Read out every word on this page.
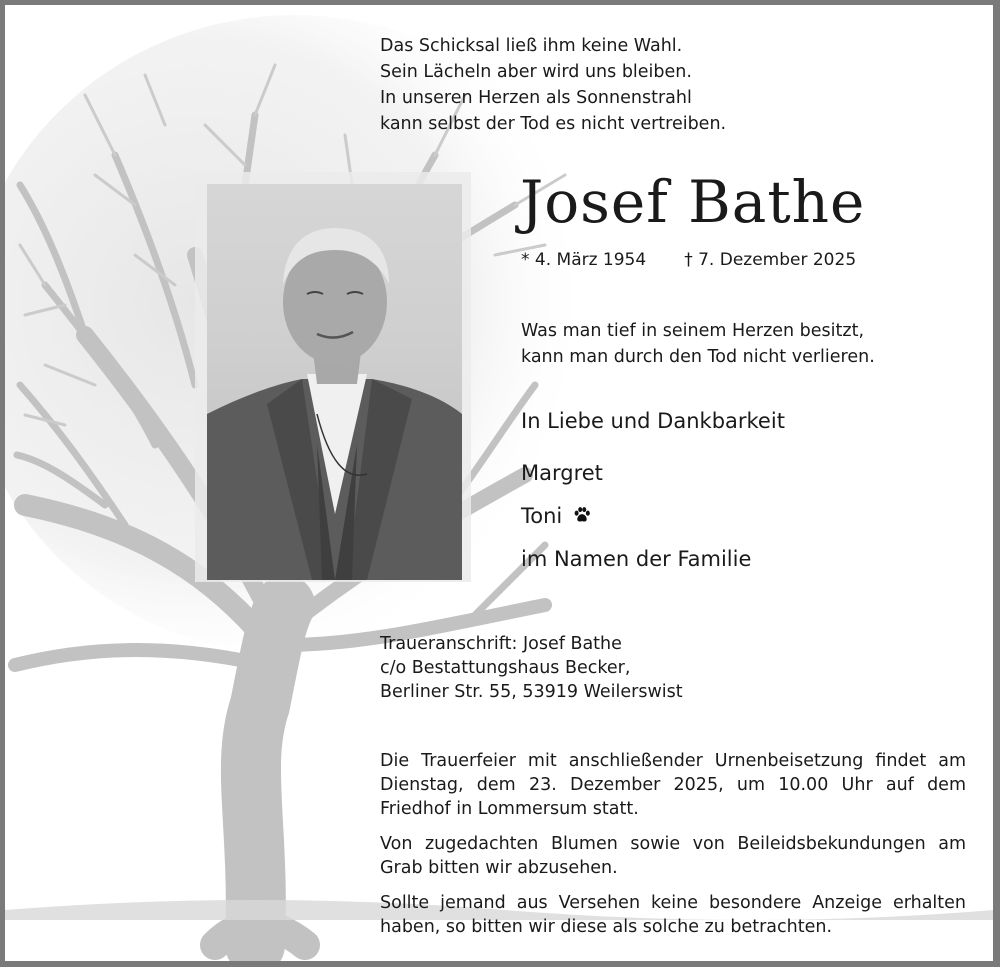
Das Schicksal ließ ihm keine Wahl.
Sein Lächeln aber wird uns bleiben.
In unseren Herzen als Sonnenstrahl
kann selbst der Tod es nicht vertreiben.
Josef Bathe
* 4. März 1954 † 7. Dezember 2025
Was man tief in seinem Herzen besitzt,
kann man durch den Tod nicht verlieren.
In Liebe und Dankbarkeit
Margret
Toni
im Namen der Familie
Traueranschrift: Josef Bathe
c/o Bestattungshaus Becker,
Berliner Str. 55, 53919 Weilerswist

Die Trauerfeier mit anschließender Urnenbeisetzung findet am Dienstag, dem 23. Dezember 2025, um 10.00 Uhr auf dem Friedhof in Lommersum statt.

Von zugedachten Blumen sowie von Beileidsbekundungen am Grab bitten wir abzusehen.

Sollte jemand aus Versehen keine besondere Anzeige erhalten haben, so bitten wir diese als solche zu betrachten.
